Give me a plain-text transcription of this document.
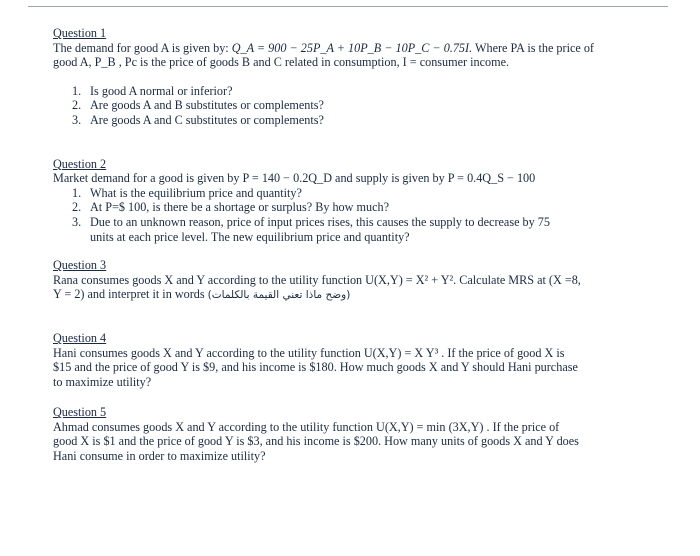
Question 1
The demand for good A is given by: Q_A = 900 − 25P_A + 10P_B − 10P_C − 0.75I. Where PA is the price of
good A, P_B , Pc is the price of goods B and C related in consumption, I = consumer income.
1. Is good A normal or inferior?
2. Are goods A and B substitutes or complements?
3. Are goods A and C substitutes or complements?
Question 2
Market demand for a good is given by P = 140 − 0.2Q_D and supply is given by P = 0.4Q_S − 100
1. What is the equilibrium price and quantity?
2. At P=$ 100, is there be a shortage or surplus? By how much?
3. Due to an unknown reason, price of input prices rises, this causes the supply to decrease by 75
units at each price level. The new equilibrium price and quantity?
Question 3
Rana consumes goods X and Y according to the utility function U(X,Y) = X² + Y². Calculate MRS at (X =8,
Y = 2) and interpret it in words (وضح ماذا تعني القيمة بالكلمات)
Question 4
Hani consumes goods X and Y according to the utility function U(X,Y) = X Y³ . If the price of good X is
$15 and the price of good Y is $9, and his income is $180. How much goods X and Y should Hani purchase
to maximize utility?
Question 5
Ahmad consumes goods X and Y according to the utility function U(X,Y) = min (3X,Y) . If the price of
good X is $1 and the price of good Y is $3, and his income is $200. How many units of goods X and Y does
Hani consume in order to maximize utility?
